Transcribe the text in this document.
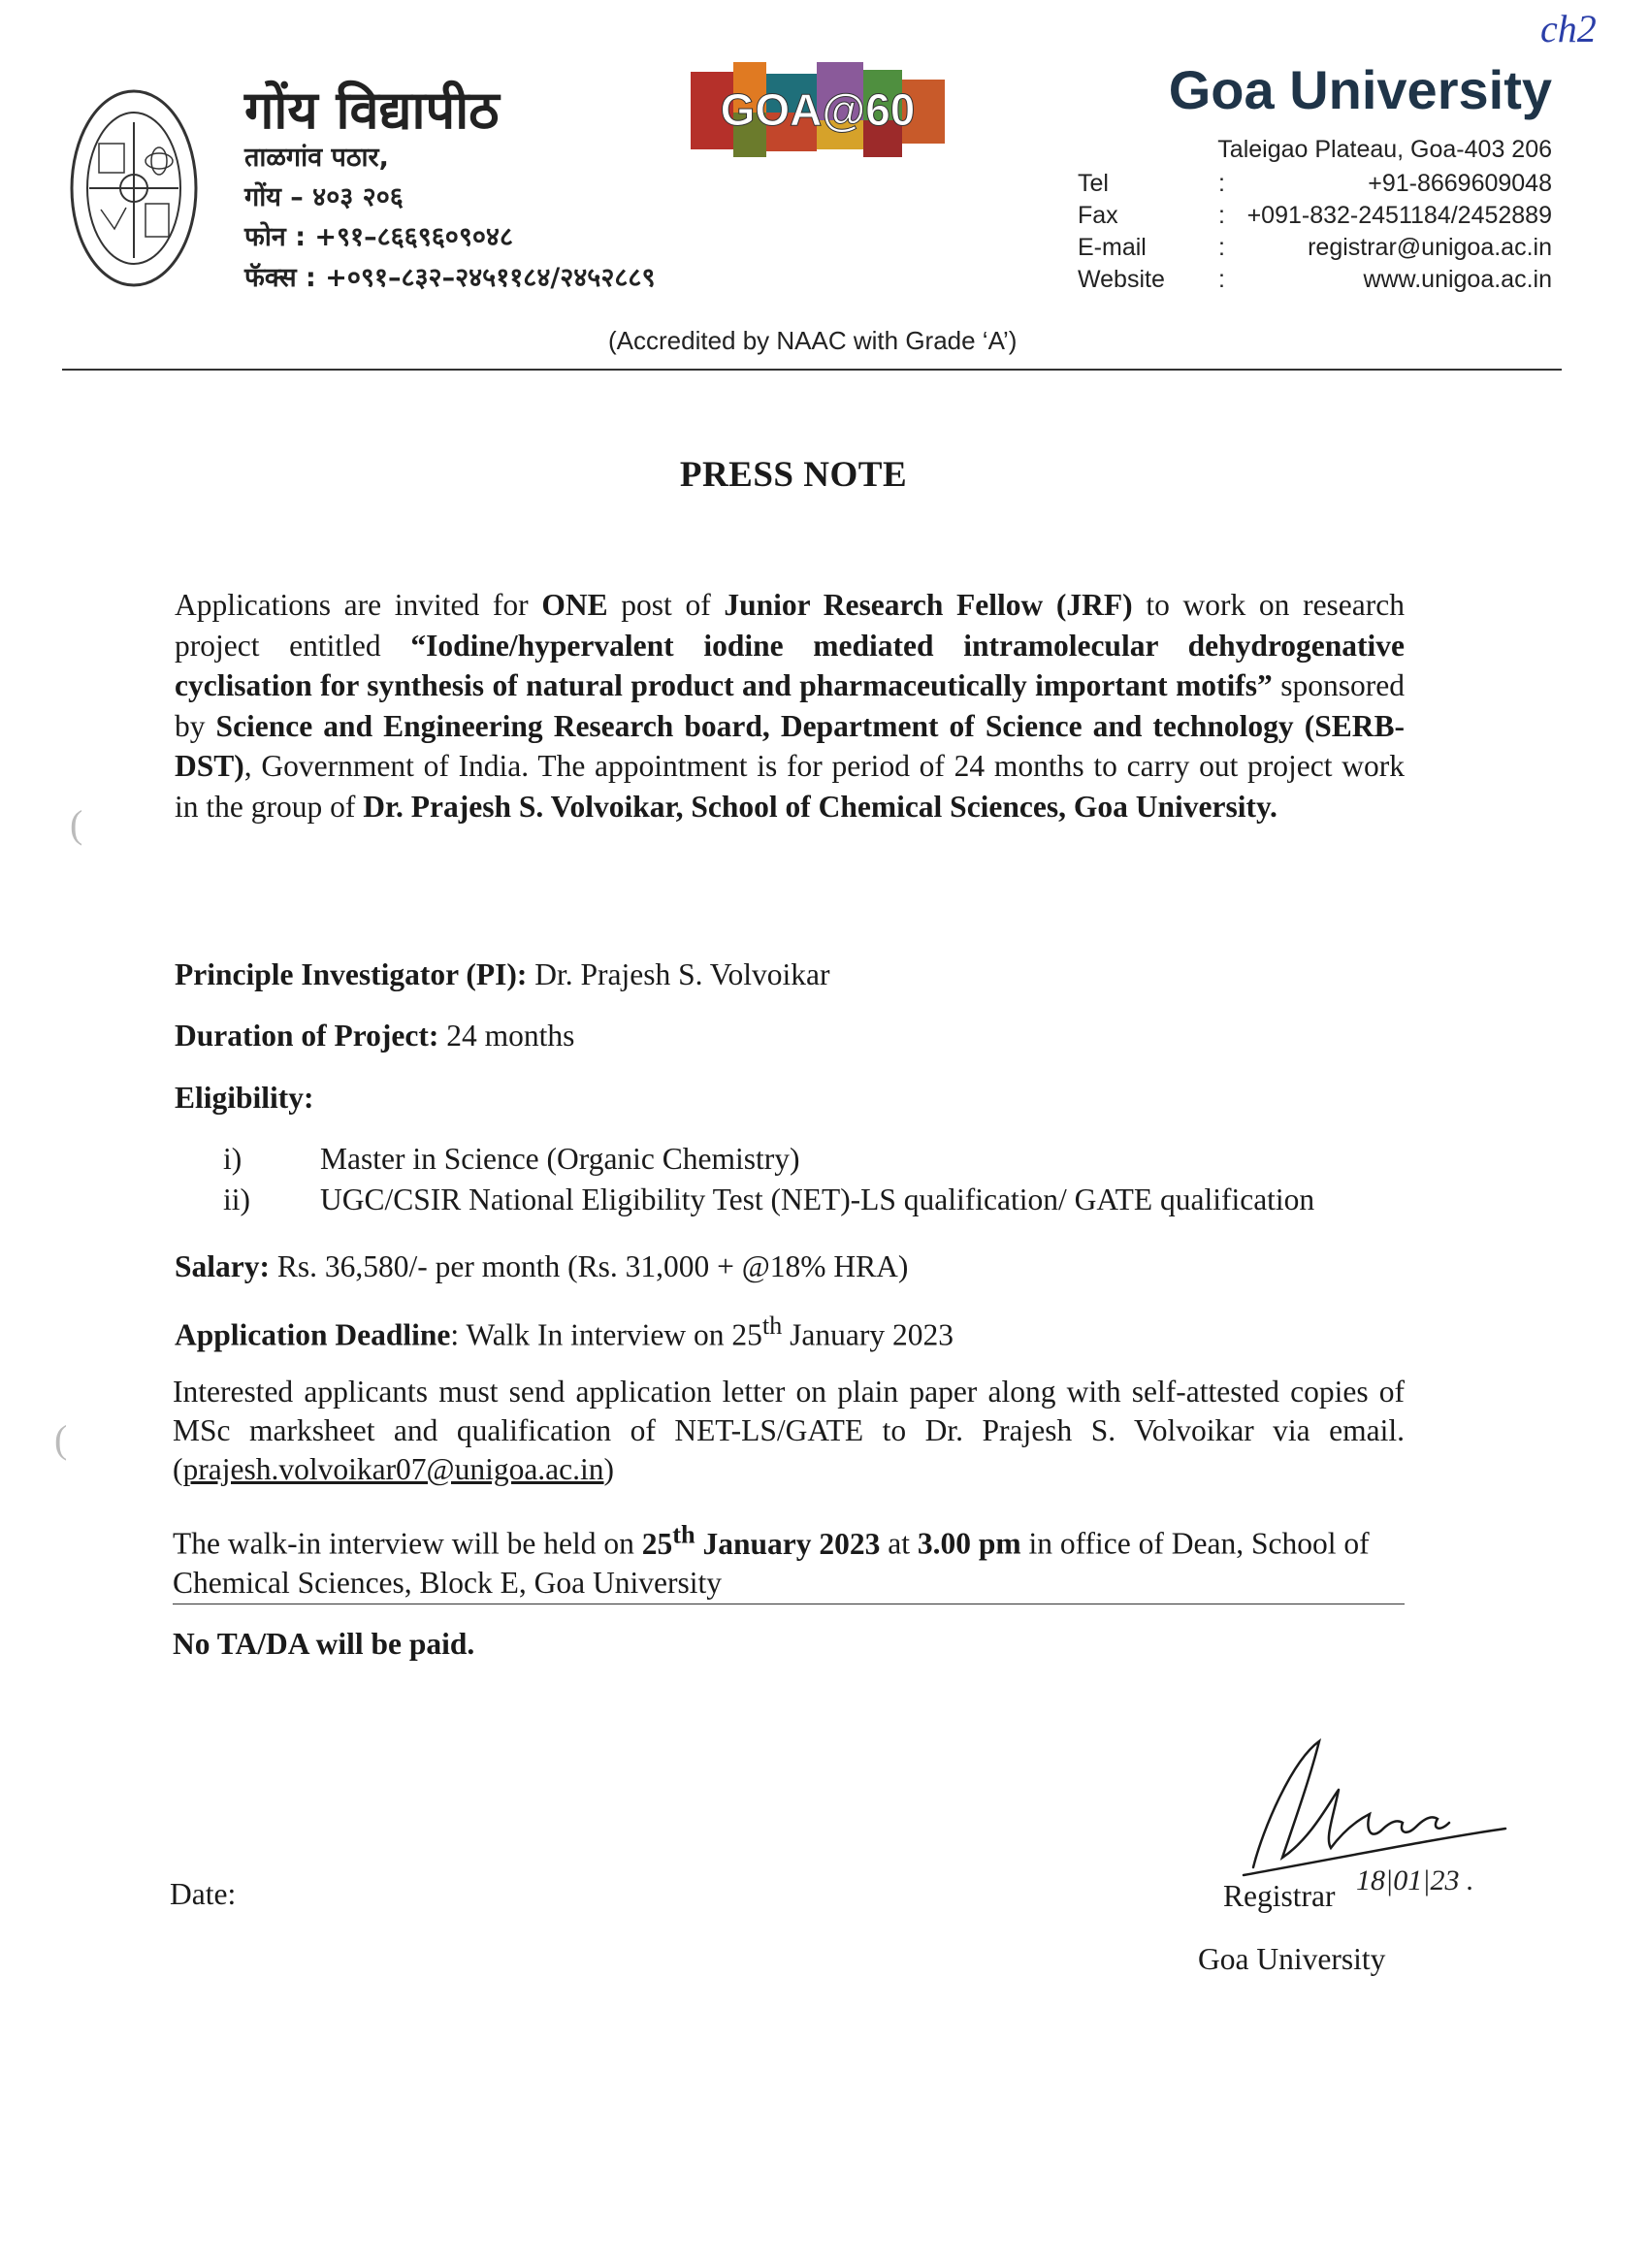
ch2
गोंय विद्यापीठ
ताळगांव पठार,
गोंय – ४०३ २०६
फोन : +९१–८६६९६०९०४८
फॅक्स : +०९१–८३२–२४५११८४/२४५२८८९
GOA@60	Goa University
Taleigao Plateau, Goa-403 206
Tel	:	+91-8669609048
Fax	: +091-832-2451184/2452889
E-mail	:	registrar@unigoa.ac.in
Website :	www.unigoa.ac.in
(Accredited by NAAC with Grade ‘A’)
PRESS NOTE
Applications are invited for ONE post of Junior Research Fellow (JRF) to work on research project entitled “Iodine/hypervalent iodine mediated intramolecular dehydrogenative cyclisation for synthesis of natural product and pharmaceutically important motifs” sponsored by Science and Engineering Research board, Department of Science and technology (SERB-DST), Government of India. The appointment is for period of 24 months to carry out project work in the group of Dr. Prajesh S. Volvoikar, School of Chemical Sciences, Goa University.
Principle Investigator (PI): Dr. Prajesh S. Volvoikar
Duration of Project: 24 months
Eligibility:
i)	Master in Science (Organic Chemistry)
ii) UGC/CSIR National Eligibility Test (NET)-LS qualification/ GATE qualification
Salary: Rs. 36,580/- per month (Rs. 31,000 + @18% HRA)
Application Deadline: Walk In interview on 25th January 2023
Interested applicants must send application letter on plain paper along with self-attested copies of MSc marksheet and qualification of NET-LS/GATE to Dr. Prajesh S. Volvoikar via email. (prajesh.volvoikar07@unigoa.ac.in)
The walk-in interview will be held on 25th January 2023 at 3.00 pm in office of Dean, School of Chemical Sciences, Block E, Goa University
No TA/DA will be paid.
Date:	18|01|23 .
Registrar
Goa University
(
(
